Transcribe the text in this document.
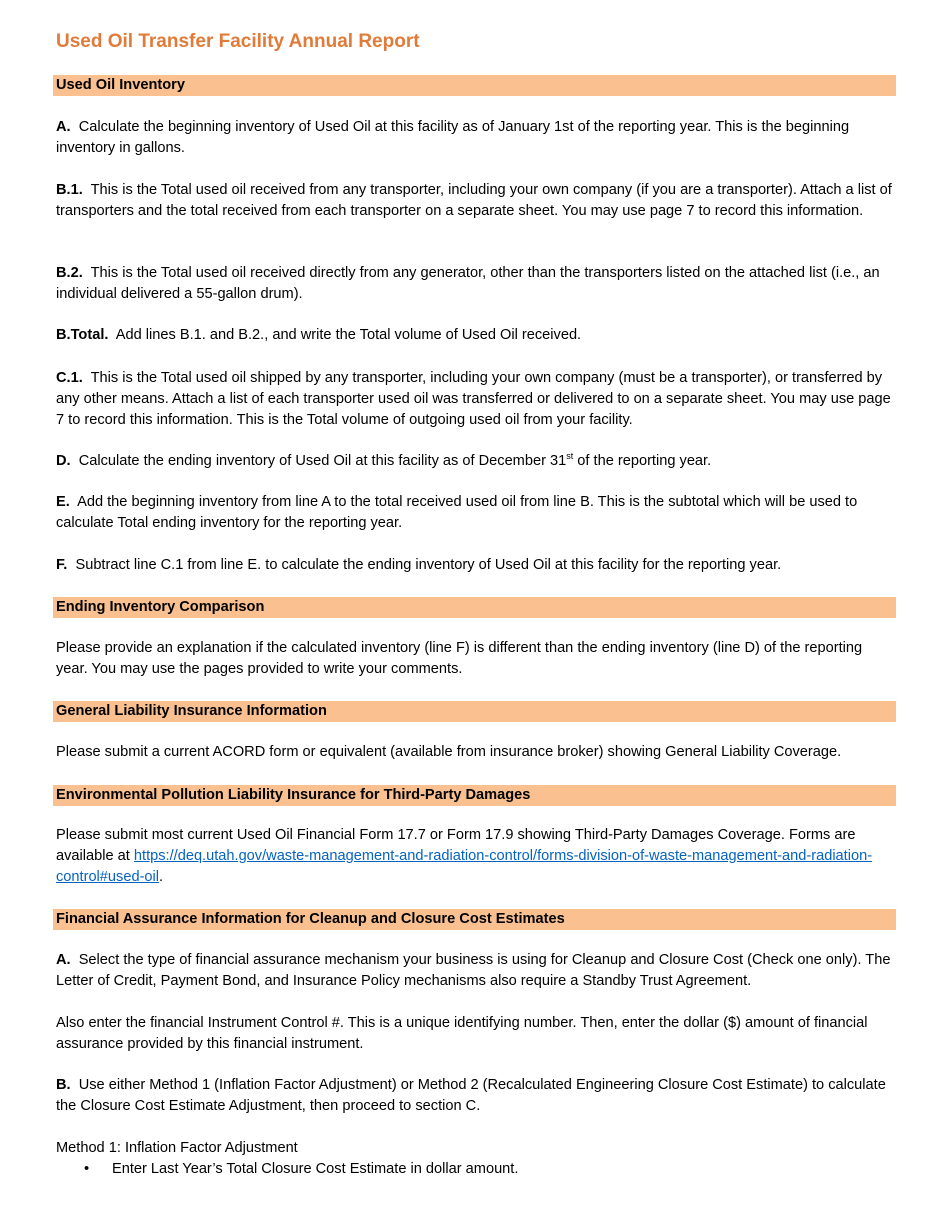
Used Oil Transfer Facility Annual Report
Used Oil Inventory

A. Calculate the beginning inventory of Used Oil at this facility as of January 1st of the reporting year. This is the beginning inventory in gallons.

B.1. This is the Total used oil received from any transporter, including your own company (if you are a transporter). Attach a list of transporters and the total received from each transporter on a separate sheet. You may use page 7 to record this information.

B.2. This is the Total used oil received directly from any generator, other than the transporters listed on the attached list (i.e., an individual delivered a 55-gallon drum).

B.Total. Add lines B.1. and B.2., and write the Total volume of Used Oil received.

C.1. This is the Total used oil shipped by any transporter, including your own company (must be a transporter), or transferred by any other means. Attach a list of each transporter used oil was transferred or delivered to on a separate sheet. You may use page 7 to record this information. This is the Total volume of outgoing used oil from your facility.

D. Calculate the ending inventory of Used Oil at this facility as of December 31st of the reporting year.

E. Add the beginning inventory from line A to the total received used oil from line B. This is the subtotal which will be used to calculate Total ending inventory for the reporting year.

F. Subtract line C.1 from line E. to calculate the ending inventory of Used Oil at this facility for the reporting year.

Ending Inventory Comparison

Please provide an explanation if the calculated inventory (line F) is different than the ending inventory (line D) of the reporting year. You may use the pages provided to write your comments.

General Liability Insurance Information

Please submit a current ACORD form or equivalent (available from insurance broker) showing General Liability Coverage.

Environmental Pollution Liability Insurance for Third-Party Damages

Please submit most current Used Oil Financial Form 17.7 or Form 17.9 showing Third-Party Damages Coverage. Forms are available at https://deq.utah.gov/waste-management-and-radiation-control/forms-division-of-waste-management-and-radiation-control#used-oil.

Financial Assurance Information for Cleanup and Closure Cost Estimates

A. Select the type of financial assurance mechanism your business is using for Cleanup and Closure Cost (Check one only). The Letter of Credit, Payment Bond, and Insurance Policy mechanisms also require a Standby Trust Agreement.

Also enter the financial Instrument Control #. This is a unique identifying number. Then, enter the dollar ($) amount of financial assurance provided by this financial instrument.

B. Use either Method 1 (Inflation Factor Adjustment) or Method 2 (Recalculated Engineering Closure Cost Estimate) to calculate the Closure Cost Estimate Adjustment, then proceed to section C.

Method 1: Inflation Factor Adjustment

• Enter Last Year’s Total Closure Cost Estimate in dollar amount.
